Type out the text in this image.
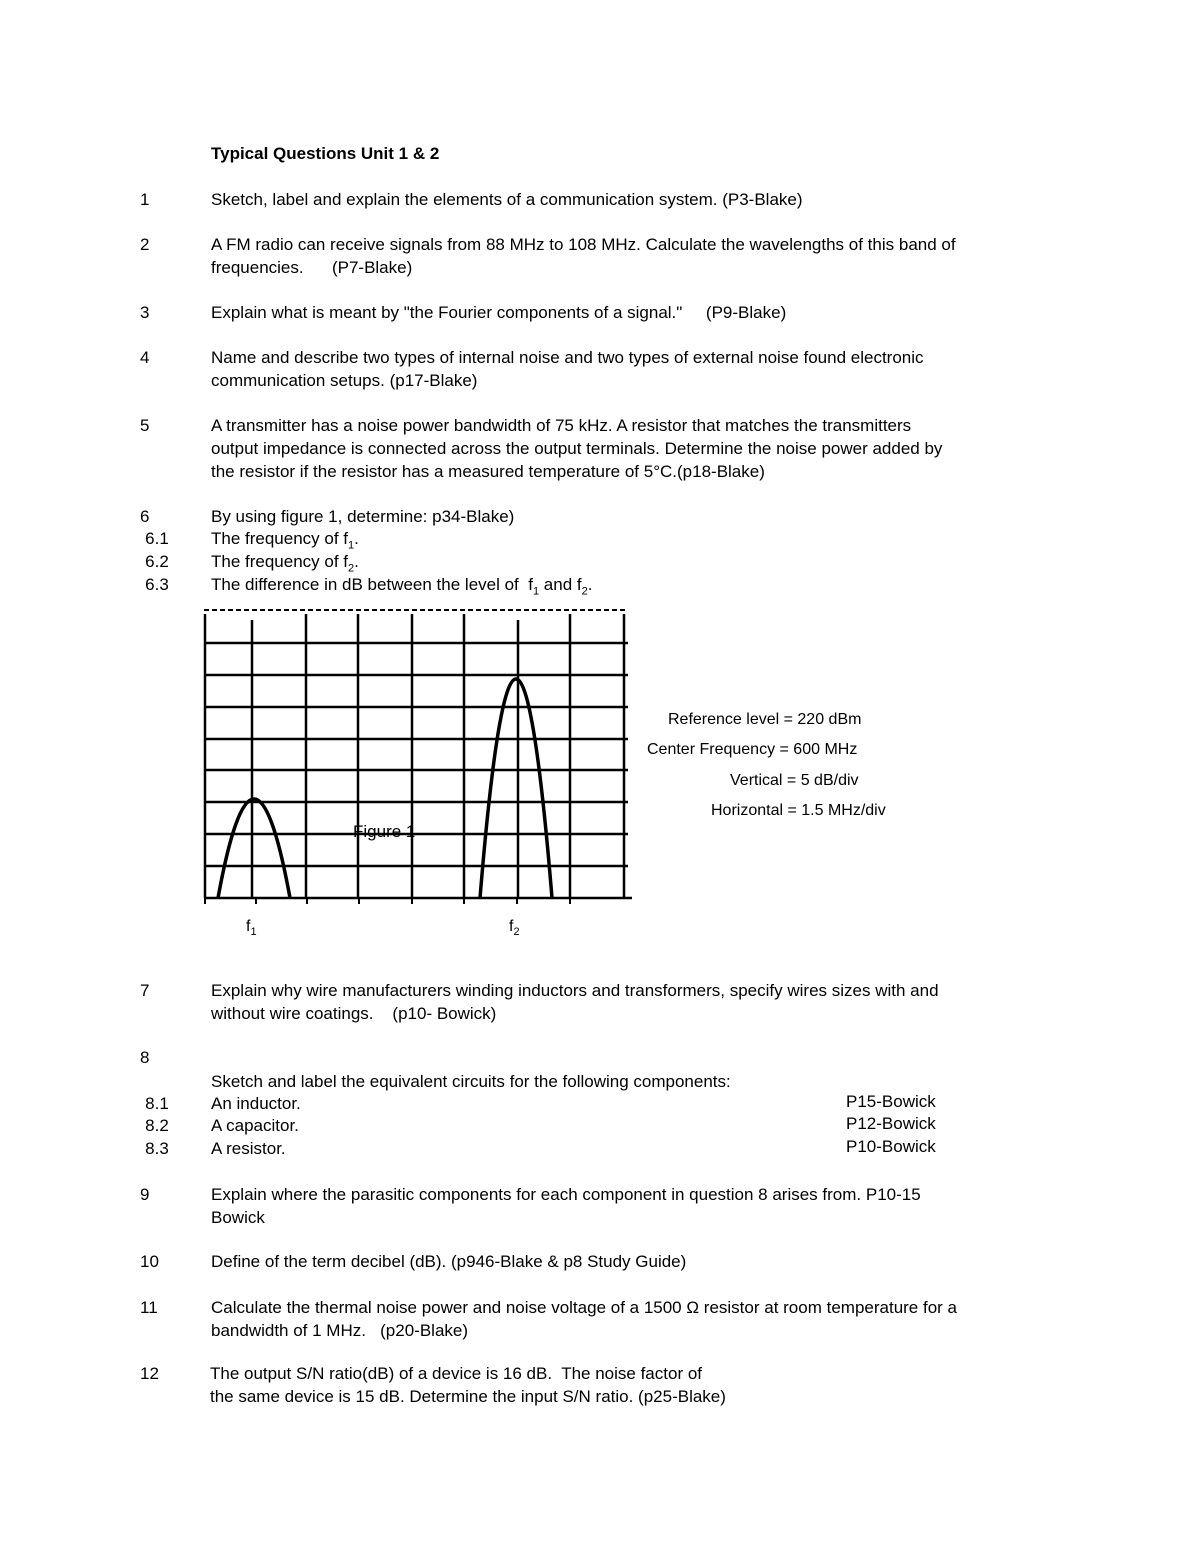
Typical Questions Unit 1 & 2
1	Sketch, label and explain the elements of a communication system. (P3-Blake)
2	A FM radio can receive signals from 88 MHz to 108 MHz. Calculate the wavelengths of this band of
frequencies.      (P7-Blake)
3	Explain what is meant by "the Fourier components of a signal."     (P9-Blake)
4	Name and describe two types of internal noise and two types of external noise found electronic
communication setups. (p17-Blake)
5	A transmitter has a noise power bandwidth of 75 kHz. A resistor that matches the transmitters
output impedance is connected across the output terminals. Determine the noise power added by
the resistor if the resistor has a measured temperature of 5°C.(p18-Blake)
6	By using figure 1, determine: p34-Blake)
6.1	The frequency of $f_1$.
6.2	The frequency of $f_2$.
6.3	The difference in dB between the level of  $f_1$ and $f_2$.
Figure 1
Reference level = 220 dBm
Center Frequency = 600 MHz
Vertical = 5 dB/div
Horizontal = 1.5 MHz/div
$f_1$	$f_2$
7	Explain why wire manufacturers winding inductors and transformers, specify wires sizes with and
without wire coatings.    (p10- Bowick)
8
Sketch and label the equivalent circuits for the following components:
8.1	An inductor.	P15-Bowick
8.2	A capacitor.	P12-Bowick
8.3	A resistor.	P10-Bowick
9	Explain where the parasitic components for each component in question 8 arises from. P10-15
Bowick
10	Define of the term decibel (dB). (p946-Blake & p8 Study Guide)
11	Calculate the thermal noise power and noise voltage of a 1500 Ω resistor at room temperature for a
bandwidth of 1 MHz.   (p20-Blake)
12	The output S/N ratio(dB) of a device is 16 dB.  The noise factor of
the same device is 15 dB. Determine the input S/N ratio. (p25-Blake)
